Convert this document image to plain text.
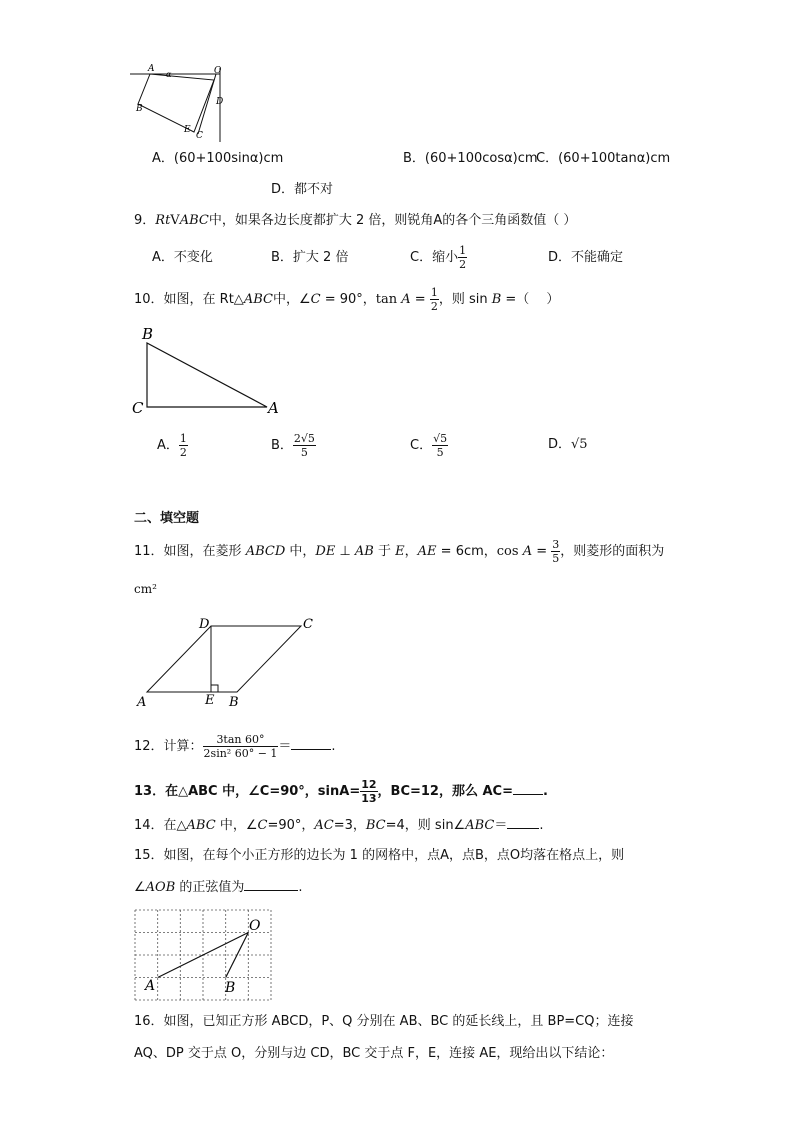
A
α	O
B
D
E
C
A．(60+100sinα)cm	B．(60+100cosα)cm
C．(60+100tanα)cm
D．都不对
9．RtVABC中，如果各边长度都扩大 2 倍，则锐角A的各个三角函数值（ ）
A．不变化	B．扩大 2 倍	C．缩小 $\frac{1}{2}$	D．不能确定
10．如图，在 Rt△ABC中，∠C = 90°，$\tan A = \frac{1}{2}$ ，则 sin B =（　 ）
B
C	A
A． $\frac{1}{2}$	B． $\frac{2√5}{5}$	C． $\frac{√5}{5}$	D．√5
二、填空题
11．如图，在菱形 ABCD 中，DE ⊥ AB 于 E，AE = 6cm，$\cos A = \frac{3}{5}$ ，则菱形的面积为
cm²
D	C
A	E B
12．计算： $\frac{3\tan 60^\circ}{\text{2sin² 60° − 1}}$ ＝	.
13．在△ABC 中，∠C=90°，$\sin A= \frac{12}{13}$ ，BC=12，那么 AC= .
14．在△ABC 中，∠C=90°，AC=3，BC=4，则 sin∠ABC＝ .
15．如图，在每个小正方形的边长为 1 的网格中，点A，点B，点O均落在格点上，则
∠AOB 的正弦值为	.
O
A	B
16．如图，已知正方形 ABCD，P、Q 分别在 AB、BC 的延长线上，且 BP=CQ；连接
AQ、DP 交于点 O，分别与边 CD，BC 交于点 F，E，连接 AE，现给出以下结论：
